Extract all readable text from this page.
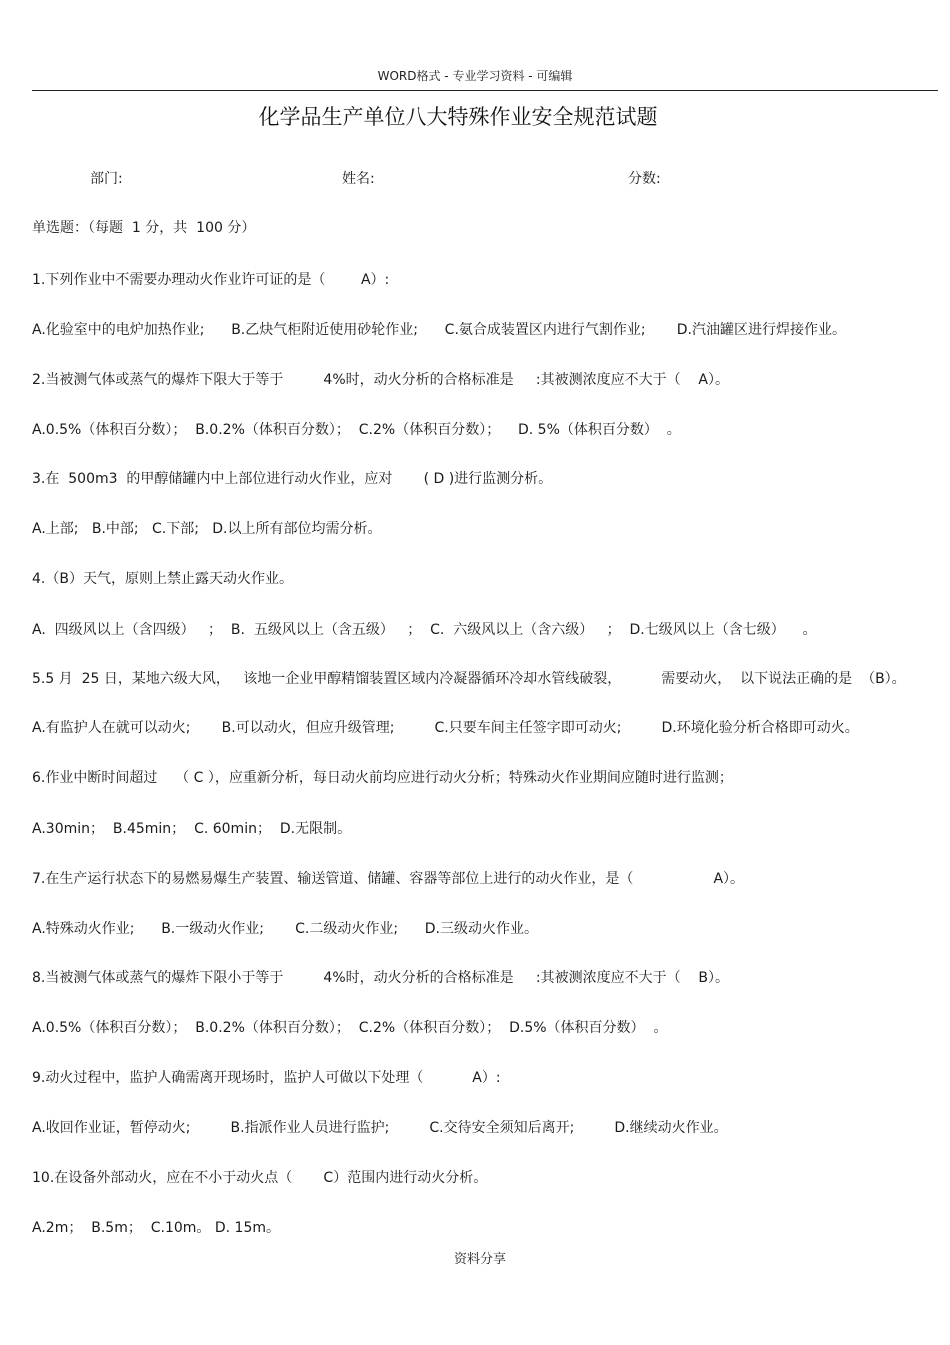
WORD格式 - 专业学习资料 - 可编辑
化学品生产单位八大特殊作业安全规范试题
部门:	姓名:	分数:
单选题：（每题  1 分，共  100 分）
1.下列作业中不需要办理动火作业许可证的是（        A）:
A.化验室中的电炉加热作业;      B.乙炔气柜附近使用砂轮作业;      C.氨合成装置区内进行气割作业;       D.汽油罐区进行焊接作业。
2.当被测气体或蒸气的爆炸下限大于等于         4%时，动火分析的合格标准是     :其被测浓度应不大于（    A）。
A.0.5%（体积百分数）；  B.0.2%（体积百分数）；  C.2%（体积百分数）；    D. 5%（体积百分数）  。
3.在  500m3  的甲醇储罐内中上部位进行动火作业，应对       ( D )进行监测分析。
A.上部;   B.中部;   C.下部;   D.以上所有部位均需分析。
4.（B）天气，原则上禁止露天动火作业。
A.  四级风以上（含四级）   ；  B.  五级风以上（含五级）   ；  C.  六级风以上（含六级）   ；  D.七级风以上（含七级）    。
5.5 月  25 日，某地六级大风，   该地一企业甲醇精馏装置区域内冷凝器循环冷却水管线破裂，         需要动火，  以下说法正确的是  （B）。
A.有监护人在就可以动火;       B.可以动火，但应升级管理;         C.只要车间主任签字即可动火;         D.环境化验分析合格即可动火。
6.作业中断时间超过    （ C ），应重新分析，每日动火前均应进行动火分析；特殊动火作业期间应随时进行监测；
A.30min；  B.45min；  C. 60min；  D.无限制。
7.在生产运行状态下的易燃易爆生产装置、输送管道、储罐、容器等部位上进行的动火作业，是（                  A）。
A.特殊动火作业;      B.一级动火作业;       C.二级动火作业;      D.三级动火作业。
8.当被测气体或蒸气的爆炸下限小于等于         4%时，动火分析的合格标准是     :其被测浓度应不大于（    B）。
A.0.5%（体积百分数）；  B.0.2%（体积百分数）；  C.2%（体积百分数）；  D.5%（体积百分数）  。
9.动火过程中，监护人确需离开现场时，监护人可做以下处理（           A）:
A.收回作业证，暂停动火;         B.指派作业人员进行监护;         C.交待安全须知后离开;         D.继续动火作业。
10.在设备外部动火，应在不小于动火点（       C）范围内进行动火分析。
A.2m；  B.5m；  C.10m。 D. 15m。
资料分享
